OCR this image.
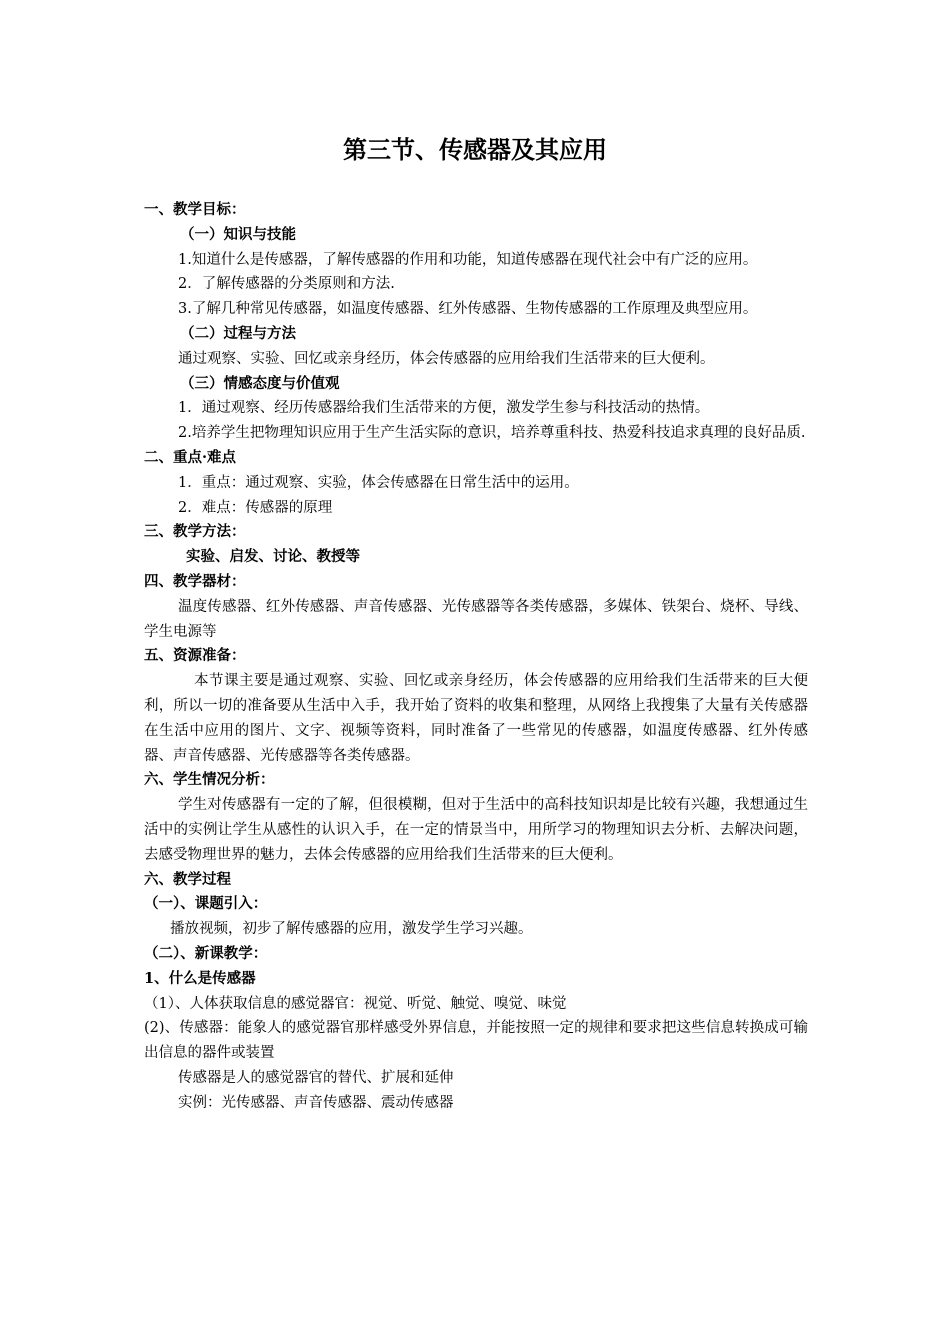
第三节、传感器及其应用

一、教学目标：

（一）知识与技能

1.知道什么是传感器，了解传感器的作用和功能，知道传感器在现代社会中有广泛的应用。

2．了解传感器的分类原则和方法.

3.了解几种常见传感器，如温度传感器、红外传感器、生物传感器的工作原理及典型应用。

（二）过程与方法

通过观察、实验、回忆或亲身经历，体会传感器的应用给我们生活带来的巨大便利。

（三）情感态度与价值观

1．通过观察、经历传感器给我们生活带来的方便，激发学生参与科技活动的热情。

2.培养学生把物理知识应用于生产生活实际的意识，培养尊重科技、热爱科技追求真理的良好品质.

二、重点·难点

1．重点：通过观察、实验，体会传感器在日常生活中的运用。

2．难点：传感器的原理

三、教学方法：

实验、启发、讨论、教授等

四、教学器材：

温度传感器、红外传感器、声音传感器、光传感器等各类传感器，多媒体、铁架台、烧杯、导线、学生电源等

五、资源准备：

本节课主要是通过观察、实验、回忆或亲身经历，体会传感器的应用给我们生活带来的巨大便利，所以一切的准备要从生活中入手，我开始了资料的收集和整理，从网络上我搜集了大量有关传感器在生活中应用的图片、文字、视频等资料，同时准备了一些常见的传感器，如温度传感器、红外传感器、声音传感器、光传感器等各类传感器。

六、学生情况分析：

学生对传感器有一定的了解，但很模糊，但对于生活中的高科技知识却是比较有兴趣，我想通过生活中的实例让学生从感性的认识入手，在一定的情景当中，用所学习的物理知识去分析、去解决问题，去感受物理世界的魅力，去体会传感器的应用给我们生活带来的巨大便利。

六、教学过程

（一）、课题引入：

播放视频，初步了解传感器的应用，激发学生学习兴趣。

（二）、新课教学：

1、什么是传感器

（1）、人体获取信息的感觉器官：视觉、听觉、触觉、嗅觉、味觉

(2)、传感器：能象人的感觉器官那样感受外界信息，并能按照一定的规律和要求把这些信息转换成可输出信息的器件或装置

传感器是人的感觉器官的替代、扩展和延伸

实例：光传感器、声音传感器、震动传感器
